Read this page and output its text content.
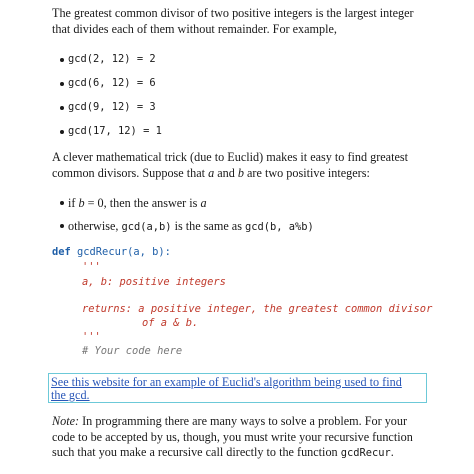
The greatest common divisor of two positive integers is the largest integer
that divides each of them without remainder. For example,

gcd(2, 12) = 2
gcd(6, 12) = 6
gcd(9, 12) = 3
gcd(17, 12) = 1

A clever mathematical trick (due to Euclid) makes it easy to find greatest
common divisors. Suppose that a and b are two positive integers:

if b = 0, then the answer is a
otherwise, gcd(a,b) is the same as gcd(b, a%b)
def gcdRecur(a, b):
'''
a, b: positive integers
returns: a positive integer, the greatest common divisor
of a & b.
'''
# Your code here
See this website for an example of Euclid's algorithm being used to find
the gcd.

Note: In programming there are many ways to solve a problem. For your
code to be accepted by us, though, you must write your recursive function
such that you make a recursive call directly to the function gcdRecur.
